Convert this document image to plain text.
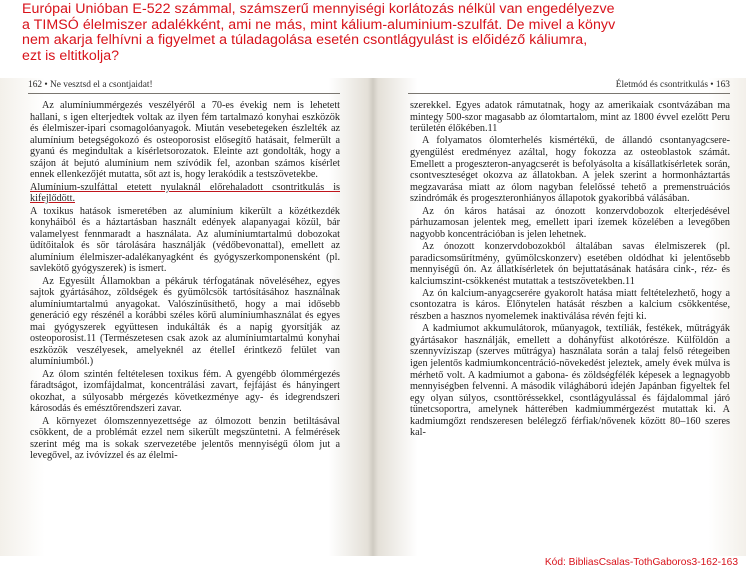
Európai Unióban E-522 számmal, számszerű mennyiségi korlátozás nélkül van engedélyezve
a TIMSÓ élelmiszer adalékként, ami ne más, mint kálium-aluminium-szulfát. De mivel a könyv
nem akarja felhívni a figyelmet a túladagolása esetén csontlágyulást is előidéző káliumra,
ezt is eltitkolja?
162 • Ne vesztsd el a csontjaidat!

Az alumíniummérgezés veszélyéről a 70-es évekig nem is lehetett hallani, s igen elterjedtek voltak az ilyen fém tartalmazó konyhai eszközök és élelmiszer-ipari csomagolóanyagok. Miután vesebetegeken észlelték az alumínium betegségokozó és osteoporosist elősegítő hatásait, felmerült a gyanú és megindultak a kísérletsorozatok. Eleinte azt gondolták, hogy a szájon át bejutó alumínium nem szívódik fel, azonban számos kísérlet ennek ellenkezőjét mutatta, sőt azt is, hogy lerakódik a testszövetekbe.

Alumínium-szulfáttal etetett nyulaknál előrehaladott csontritkulás is kifejlődött.

A toxikus hatások ismeretében az alumínium kikerült a közétkezdék konyháiból és a háztartásban használt edények alapanyagai közül, bár valamelyest fennmaradt a használata. Az alumíniumtartalmú dobozokat üdítőitalok és sör tárolására használják (védőbevonattal), emellett az alumínium élelmiszer-adalékanyagként és gyógyszerkomponensként (pl. savlekötő gyógyszerek) is ismert.

Az Egyesült Államokban a pékáruk térfogatának növeléséhez, egyes sajtok gyártásához, zöldségek és gyümölcsök tartósításához használnak alumíniumtartalmú anyagokat. Valószínűsíthető, hogy a mai idősebb generáció egy részénél a korábbi széles körű alumíniumhasználat és egyes mai gyógyszerek együttesen indukálták és a napig gyorsítják az osteoporosist.11 (Természetesen csak azok az alumíniumtartalmú konyhai eszközök veszélyesek, amelyeknél az ételleI érintkező felület van alumíniumból.)

Az ólom szintén feltételesen toxikus fém. A gyengébb ólommérgezés fáradtságot, izomfájdalmat, koncentrálási zavart, fejfájást és hányingert okozhat, a súlyosabb mérgezés következménye agy- és idegrendszeri károsodás és emésztőrendszeri zavar.

A környezet ólomszennyezettsége az ólmozott benzin betiltásával csökkent, de a problémát ezzel nem sikerült megszüntetni. A felmérések szerint még ma is sokak szervezetébe jelentős mennyiségű ólom jut a levegővel, az ivóvízzel és az élelmi-

Életmód és csontritkulás • 163

szerekkel. Egyes adatok rámutatnak, hogy az amerikaiak csontvázában ma mintegy 500-szor magasabb az ólomtartalom, mint az 1800 évvel ezelőtt Peru területén élőkében.11

A folyamatos ólomterhelés kismértékű, de állandó csontanyagcsere-gyengülést eredményez azáltal, hogy fokozza az osteoblastok számát. Emellett a progeszteron-anyagcserét is befolyásolta a kísállatkísérletek során, csontveszteséget okozva az állatokban. A jelek szerint a hormonháztartás megzavarása miatt az ólom nagyban felelőssé tehető a premenstruációs szindrómák és progeszteronhiányos állapotok gyakoribbá válásában.

Az ón káros hatásai az ónozott konzervdobozok elterjedésével párhuzamosan jelentek meg, emellett ipari ízemek közelében a levegőben nagyobb koncentrációban is jelen lehetnek.

Az ónozott konzervdobozokból általában savas élelmiszerek (pl. paradicsomsűrítmény, gyümölcskonzerv) esetében oldódhat ki jelentősebb mennyiségű ón. Az állatkísérletek ón bejuttatásának hatására cink-, réz- és kalciumszint-csökkenést mutattak a testszövetekben.11

Az ón kalcium-anyagcserére gyakorolt hatása miatt feltételezhető, hogy a csontozatra is káros. Előnytelen hatását részben a kalcium csökkentése, részben a hasznos nyomelemek inaktiválása révén fejti ki.

A kadmiumot akkumulátorok, műanyagok, textíliák, festékek, műtrágyák gyártásakor használják, emellett a dohányfüst alkotórésze. Külföldön a szennyvíziszap (szerves műtrágya) használata során a talaj felső rétegeiben igen jelentős kadmiumkoncentráció-növekedést jeleztek, amely évek múlva is mérhető volt. A kadmiumot a gabona- és zöldségfélék képesek a legnagyobb mennyiségben felvenni. A második világháború idején Japánban figyeltek fel egy olyan súlyos, csonttöréssekkel, csontlágyulással és fájdalommal járó tünetcsoportra, amelynek hátterében kadmiummérgezést mutattak ki. A kadmiumgőzt rendszeresen belélegző férfiak/nővenek között 80–160 szeres kal-

Kód: BibliasCsalas-TothGaboros3-162-163
